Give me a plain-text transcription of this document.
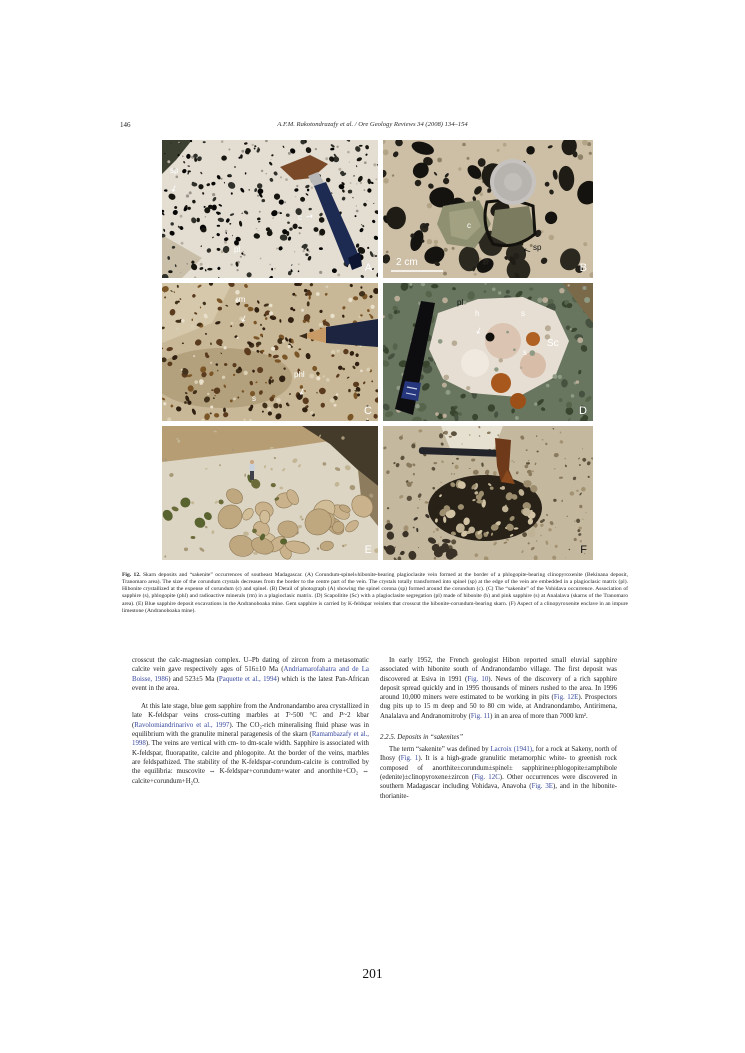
146	A.F.M. Rakotondrazafy et al. / Ore Geology Reviews 34 (2008) 134–154
sp
→
c →
pl
A
c
sp
→
pl
2 cm	B
rm
→
phl
→
s
C
pl
h
→
s
s
Sc
D
E	F

Fig. 12. Skarn deposits and “sakenite” occurrences of southeast Madagascar. (A) Corundum-spinel±hibonite-bearing plagioclasite vein formed at the border of a phlogopite-bearing clinopyroxenite (Bekinana deposit, Tranomaro area). The size of the corundum crystals decreases from the border to the centre part of the vein. The crystals totally transformed into spinel (sp) at the edge of the vein are embedded in a plagioclasic matrix (pl). Hibonite crystallized at the expense of corundum (c) and spinel. (B) Detail of photograph (A) showing the spinel corona (sp) formed around the corundum (c). (C) The “sakenite” of the Vohidava occurrence. Association of sapphire (s), phlogopite (phl) and radioactive minerals (rm) in a plagioclasic matrix. (D) Scapolitite (Sc) with a plagioclasite segregation (pl) made of hibonite (h) and pink sapphire (s) at Analalava (skarns of the Tranomaro area). (E) Blue sapphire deposit excavations in the Andranoboaka mine. Gem sapphire is carried by K-feldspar veinlets that crosscut the hibonite-corundum-bearing skarn. (F) Aspect of a clinopyroxenite enclave in an impure limestone (Andranoboaka mine).

crosscut the calc-magnesian complex. U–Pb dating of zircon from a metasomatic calcite vein gave respectively ages of 516±10 Ma (Andriamarofahatra and de La Boisse, 1986) and 523±5 Ma (Paquette et al., 1994) which is the latest Pan-African event in the area.

At this late stage, blue gem sapphire from the Andronandambo area crystallized in late K-feldspar veins cross-cutting marbles at T~500 °C and P~2 kbar (Ravolomiandrinarivo et al., 1997). The CO₂-rich mineralising fluid phase was in equilibrium with the granulite mineral paragenesis of the skarn (Ramambazafy et al., 1998). The veins are vertical with cm- to dm-scale width. Sapphire is associated with K-feldspar, fluorapatite, calcite and phlogopite. At the border of the veins, marbles are feldspathized. The stability of the K-feldspar-corundum-calcite is controlled by the equilibria: muscovite ⇔ K-feldspar+corundum+water and anorthite+CO₂ ⇔ calcite+corundum+H₂O.

In early 1952, the French geologist Hibon reported small eluvial sapphire associated with hibonite south of Andranondambo village. The first deposit was discovered at Esiva in 1991 (Fig. 10). News of the discovery of a rich sapphire deposit spread quickly and in 1995 thousands of miners rushed to the area. In 1996 around 10,000 miners were estimated to be working in pits (Fig. 12E). Prospectors dug pits up to 15 m deep and 50 to 80 cm wide, at Andranondambo, Antirimena, Analalava and Andranomitroby (Fig. 11) in an area of more than 7000 km².

2.2.5. Deposits in “sakenites”

The term “sakenite” was defined by Lacroix (1941), for a rock at Sakeny, north of Ihosy (Fig. 1). It is a high-grade granulitic metamorphic white- to greenish rock composed of anorthite±corundum±spinel± sapphirine±phlogopite±amphibole (edenite)±clinopyroxene±zircon (Fig. 12C). Other occurrences were discovered in southern Madagascar including Vohidava, Anavoha (Fig. 3E), and in the hibonite-thorianite-

201
